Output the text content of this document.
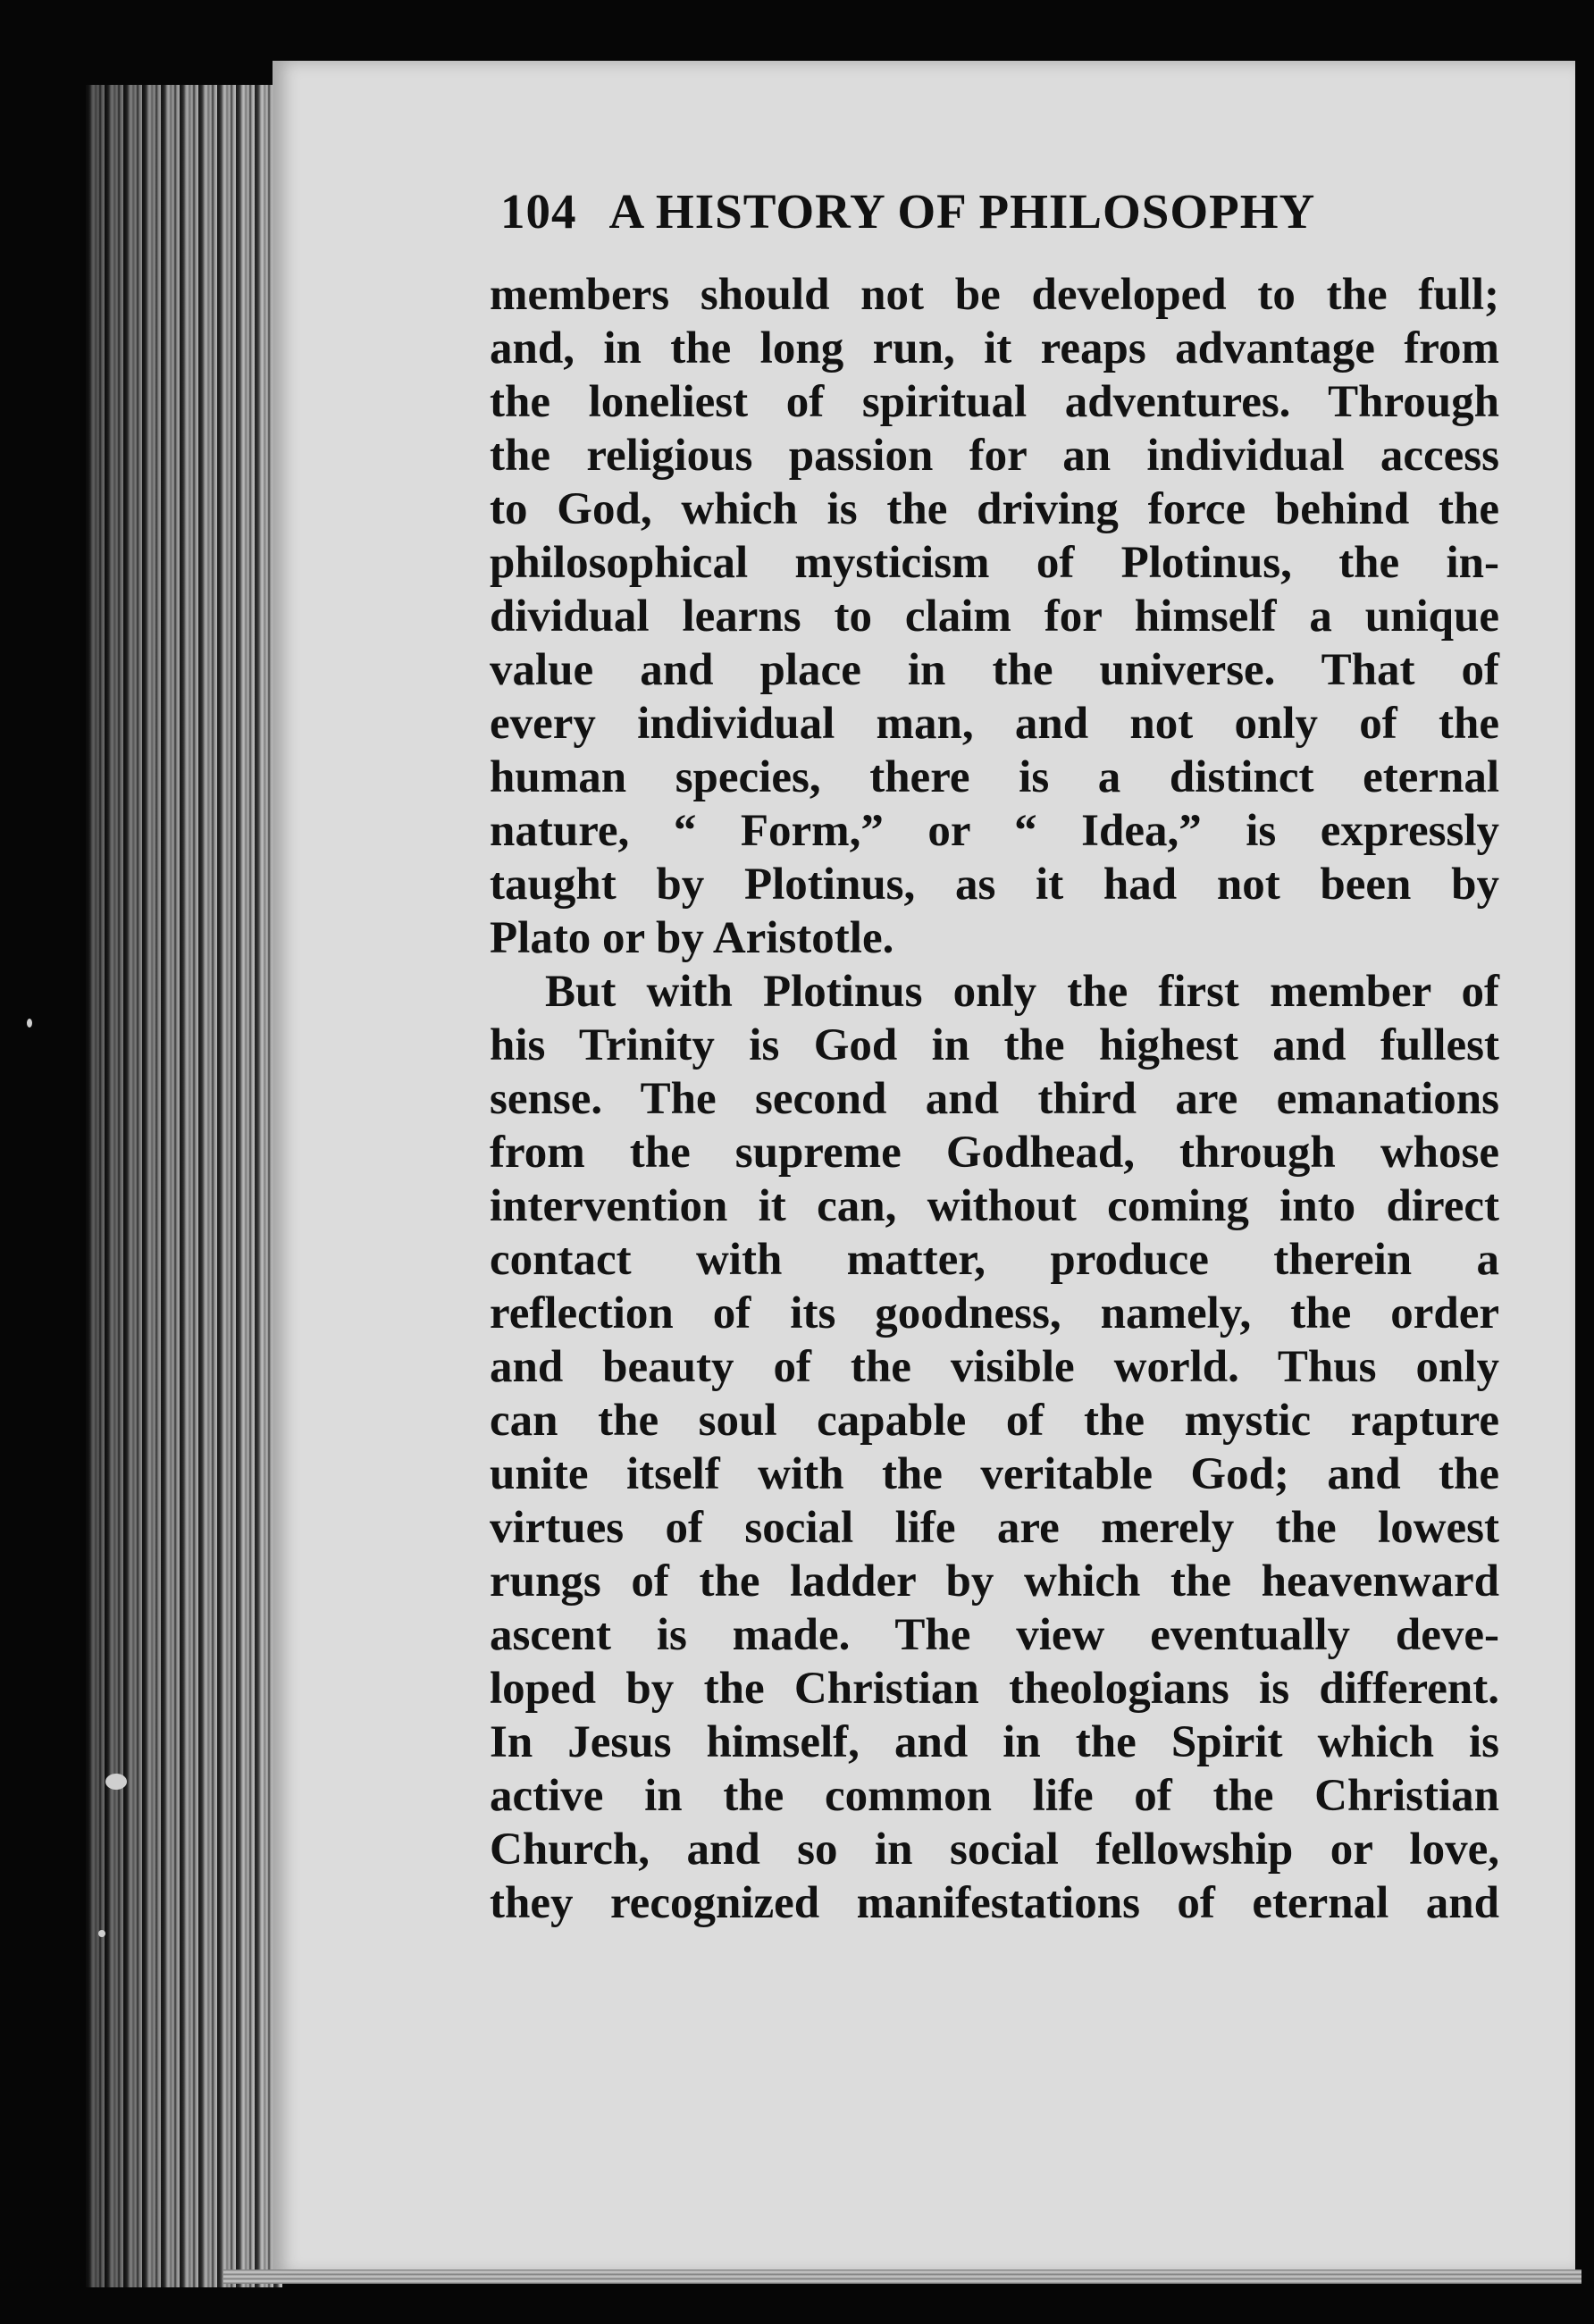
104 A HISTORY OF PHILOSOPHY
members should not be developed to the full;
and, in the long run, it reaps advantage from
the loneliest of spiritual adventures. Through
the religious passion for an individual access
to God, which is the driving force behind the
philosophical mysticism of Plotinus, the in-
dividual learns to claim for himself a unique
value and place in the universe. That of
every individual man, and not only of the
human species, there is a distinct eternal
nature, “ Form,” or “ Idea,” is expressly
taught by Plotinus, as it had not been by
Plato or by Aristotle.
But with Plotinus only the first member of
his Trinity is God in the highest and fullest
sense. The second and third are emanations
from the supreme Godhead, through whose
intervention it can, without coming into direct
contact with matter, produce therein a
reflection of its goodness, namely, the order
and beauty of the visible world. Thus only
can the soul capable of the mystic rapture
unite itself with the veritable God; and the
virtues of social life are merely the lowest
rungs of the ladder by which the heavenward
ascent is made. The view eventually deve-
loped by the Christian theologians is different.
In Jesus himself, and in the Spirit which is
active in the common life of the Christian
Church, and so in social fellowship or love,
they recognized manifestations of eternal and
